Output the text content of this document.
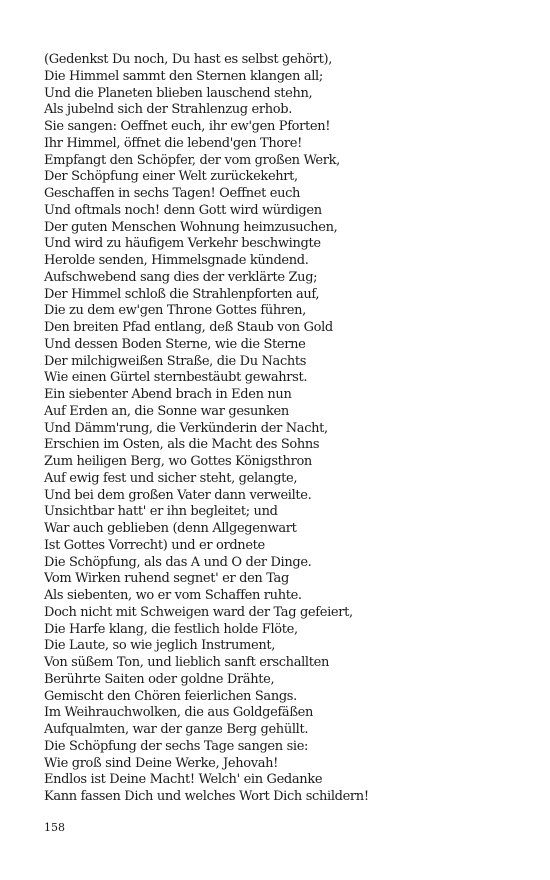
(Gedenkst Du noch, Du hast es selbst gehört),
Die Himmel sammt den Sternen klangen all;
Und die Planeten blieben lauschend stehn,
Als jubelnd sich der Strahlenzug erhob.
Sie sangen: Oeffnet euch, ihr ew'gen Pforten!
Ihr Himmel, öffnet die lebend'gen Thore!
Empfangt den Schöpfer, der vom großen Werk,
Der Schöpfung einer Welt zurückekehrt,
Geschaffen in sechs Tagen! Oeffnet euch
Und oftmals noch! denn Gott wird würdigen
Der guten Menschen Wohnung heimzusuchen,
Und wird zu häufigem Verkehr beschwingte
Herolde senden, Himmelsgnade kündend.
Aufschwebend sang dies der verklärte Zug;
Der Himmel schloß die Strahlenpforten auf,
Die zu dem ew'gen Throne Gottes führen,
Den breiten Pfad entlang, deß Staub von Gold
Und dessen Boden Sterne, wie die Sterne
Der milchigweißen Straße, die Du Nachts
Wie einen Gürtel sternbestäubt gewahrst.
Ein siebenter Abend brach in Eden nun
Auf Erden an, die Sonne war gesunken
Und Dämm'rung, die Verkünderin der Nacht,
Erschien im Osten, als die Macht des Sohns
Zum heiligen Berg, wo Gottes Königsthron
Auf ewig fest und sicher steht, gelangte,
Und bei dem großen Vater dann verweilte.
Unsichtbar hatt' er ihn begleitet; und
War auch geblieben (denn Allgegenwart
Ist Gottes Vorrecht) und er ordnete
Die Schöpfung, als das A und O der Dinge.
Vom Wirken ruhend segnet' er den Tag
Als siebenten, wo er vom Schaffen ruhte.
Doch nicht mit Schweigen ward der Tag gefeiert,
Die Harfe klang, die festlich holde Flöte,
Die Laute, so wie jeglich Instrument,
Von süßem Ton, und lieblich sanft erschallten
Berührte Saiten oder goldne Drähte,
Gemischt den Chören feierlichen Sangs.
Im Weihrauchwolken, die aus Goldgefäßen
Aufqualmten, war der ganze Berg gehüllt.
Die Schöpfung der sechs Tage sangen sie:
Wie groß sind Deine Werke, Jehovah!
Endlos ist Deine Macht! Welch' ein Gedanke
Kann fassen Dich und welches Wort Dich schildern!
158
